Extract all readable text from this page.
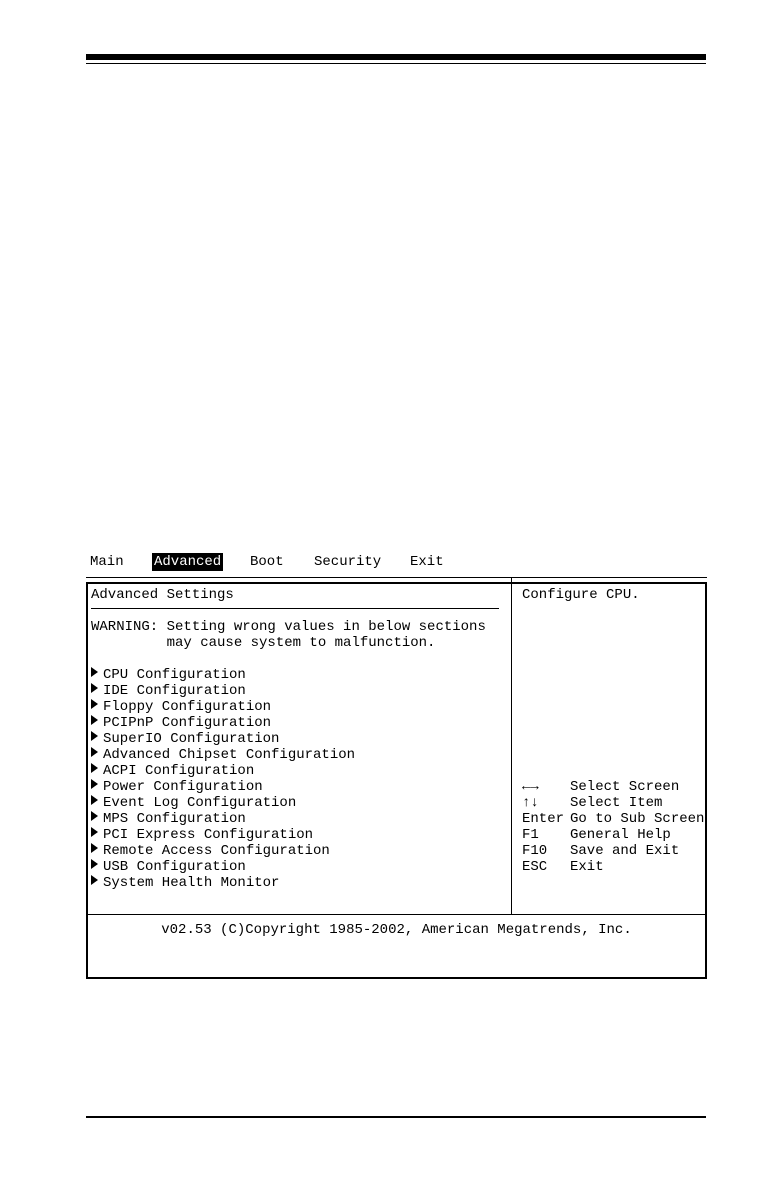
Main

Advanced

Boot

Security

Exit

Advanced Settings

WARNING: Setting wrong values in below sections

may cause system to malfunction.

CPU Configuration

IDE Configuration

Floppy Configuration

PCIPnP Configuration

SuperIO Configuration

Advanced Chipset Configuration

ACPI Configuration

Power Configuration

Event Log Configuration

MPS Configuration

PCI Express Configuration

Remote Access Configuration

USB Configuration

System Health Monitor

Configure CPU.

←→ Select Screen

↑↓ Select Item

Enter Go to Sub Screen

F1 General Help

F10 Save and Exit

ESC Exit

v02.53 (C)Copyright 1985-2002, American Megatrends, Inc.
